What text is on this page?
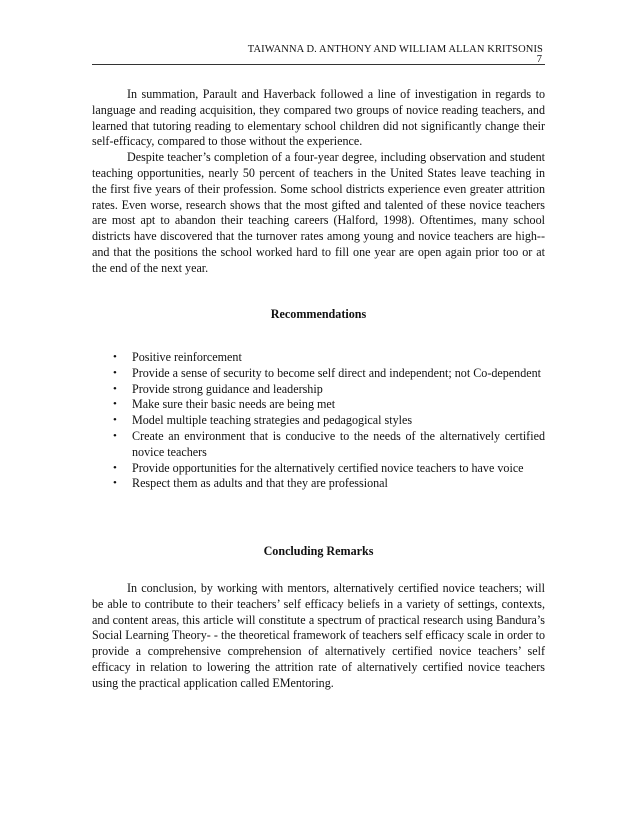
TAIWANNA D. ANTHONY AND WILLIAM ALLAN KRITSONIS
7

In summation, Parault and Haverback followed a line of investigation in regards to language and reading acquisition, they compared two groups of novice reading teachers, and learned that tutoring reading to elementary school children did not significantly change their self-efficacy, compared to those without the experience.

Despite teacher’s completion of a four-year degree, including observation and student teaching opportunities, nearly 50 percent of teachers in the United States leave teaching in the first five years of their profession. Some school districts experience even greater attrition rates. Even worse, research shows that the most gifted and talented of these novice teachers are most apt to abandon their teaching careers (Halford, 1998). Oftentimes, many school districts have discovered that the turnover rates among young and novice teachers are high--and that the positions the school worked hard to fill one year are open again prior too or at the end of the next year.

Recommendations
• Positive reinforcement
• Provide a sense of security to become self direct and independent; not Co-dependent
• Provide strong guidance and leadership
• Make sure their basic needs are being met
• Model multiple teaching strategies and pedagogical styles
• Create an environment that is conducive to the needs of the alternatively certified novice teachers
• Provide opportunities for the alternatively certified novice teachers to have voice
• Respect them as adults and that they are professional
Concluding Remarks

In conclusion, by working with mentors, alternatively certified novice teachers; will be able to contribute to their teachers’ self efficacy beliefs in a variety of settings, contexts, and content areas, this article will constitute a spectrum of practical research using Bandura’s Social Learning Theory- - the theoretical framework of teachers self efficacy scale in order to provide a comprehensive comprehension of alternatively certified novice teachers’ self efficacy in relation to lowering the attrition rate of alternatively certified novice teachers using the practical application called EMentoring.
